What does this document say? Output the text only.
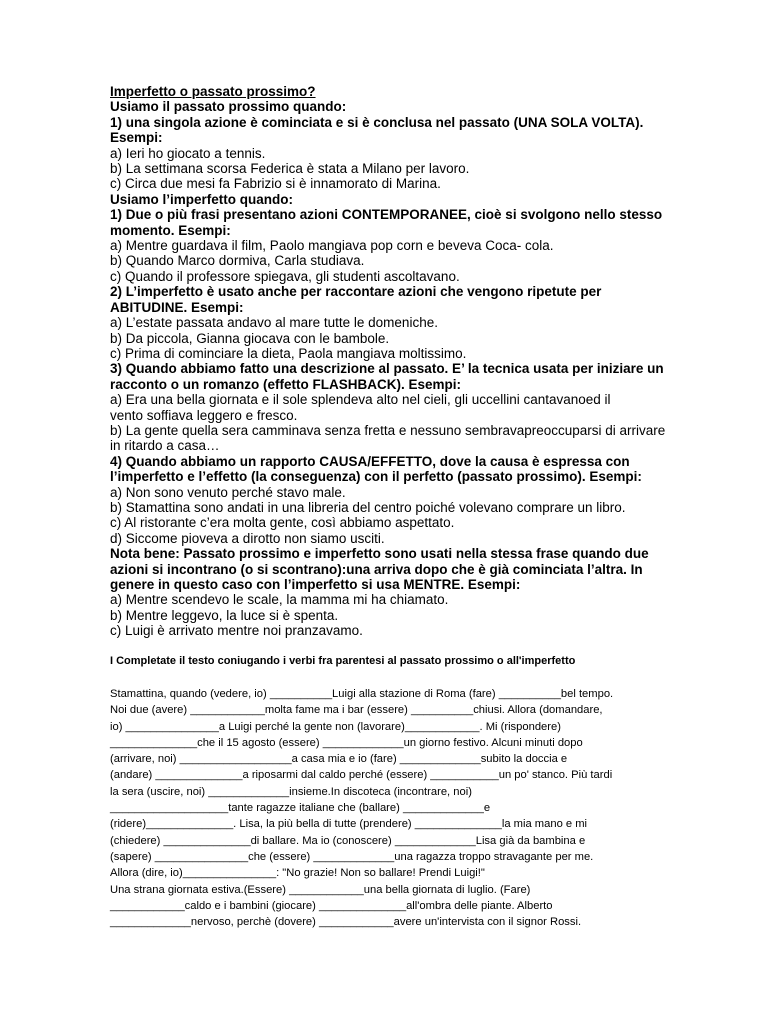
Imperfetto o passato prossimo?
Usiamo il passato prossimo quando:
1) una singola azione è cominciata e si è conclusa nel passato (UNA SOLA VOLTA).
Esempi:
a) Ieri ho giocato a tennis.
b) La settimana scorsa Federica è stata a Milano per lavoro.
c) Circa due mesi fa Fabrizio si è innamorato di Marina.
Usiamo l’imperfetto quando:
1) Due o più frasi presentano azioni CONTEMPORANEE, cioè si svolgono nello stesso
momento. Esempi:
a) Mentre guardava il film, Paolo mangiava pop corn e beveva Coca- cola.
b) Quando Marco dormiva, Carla studiava.
c) Quando il professore spiegava, gli studenti ascoltavano.
2) L’imperfetto è usato anche per raccontare azioni che vengono ripetute per
ABITUDINE. Esempi:
a) L’estate passata andavo al mare tutte le domeniche.
b) Da piccola, Gianna giocava con le bambole.
c) Prima di cominciare la dieta, Paola mangiava moltissimo.
3) Quando abbiamo fatto una descrizione al passato. E’ la tecnica usata per iniziare un
racconto o un romanzo (effetto FLASHBACK). Esempi:
a) Era una bella giornata e il sole splendeva alto nel cieli, gli uccellini cantavanoed il
vento soffiava leggero e fresco.
b) La gente quella sera camminava senza fretta e nessuno sembravapreoccuparsi di arrivare
in ritardo a casa…
4) Quando abbiamo un rapporto CAUSA/EFFETTO, dove la causa è espressa con
l’imperfetto e l’effetto (la conseguenza) con il perfetto (passato prossimo). Esempi:
a) Non sono venuto perché stavo male.
b) Stamattina sono andati in una libreria del centro poiché volevano comprare un libro.
c) Al ristorante c’era molta gente, così abbiamo aspettato.
d) Siccome pioveva a dirotto non siamo usciti.
Nota bene: Passato prossimo e imperfetto sono usati nella stessa frase quando due
azioni si incontrano (o si scontrano):una arriva dopo che è già cominciata l’altra. In
genere in questo caso con l’imperfetto si usa MENTRE. Esempi:
a) Mentre scendevo le scale, la mamma mi ha chiamato.
b) Mentre leggevo, la luce si è spenta.
c) Luigi è arrivato mentre noi pranzavamo.
I Completate il testo coniugando i verbi fra parentesi al passato prossimo o all'imperfetto
Stamattina, quando (vedere, io) __________Luigi alla stazione di Roma (fare) __________bel tempo.
Noi due (avere) ____________molta fame ma i bar (essere) __________chiusi. Allora (domandare,
io) _______________a Luigi perché la gente non (lavorare)____________. Mi (rispondere)
______________che il 15 agosto (essere) _____________un giorno festivo. Alcuni minuti dopo
(arrivare, noi) __________________a casa mia e io (fare) _____________subito la doccia e
(andare) ______________a riposarmi dal caldo perché (essere) ___________un po' stanco. Più tardi
la sera (uscire, noi) _____________insieme.In discoteca (incontrare, noi)
___________________tante ragazze italiane che (ballare) _____________e
(ridere)______________. Lisa, la più bella di tutte (prendere) ______________la mia mano e mi
(chiedere) ______________di ballare. Ma io (conoscere) _____________Lisa già da bambina e
(sapere) _______________che (essere) _____________una ragazza troppo stravagante per me.
Allora (dire, io)_______________: "No grazie! Non so ballare! Prendi Luigi!"
Una strana giornata estiva.(Essere) ____________una bella giornata di luglio. (Fare)
____________caldo e i bambini (giocare) ______________all'ombra delle piante. Alberto
_____________nervoso, perchè (dovere) ____________avere un'intervista con il signor Rossi.
